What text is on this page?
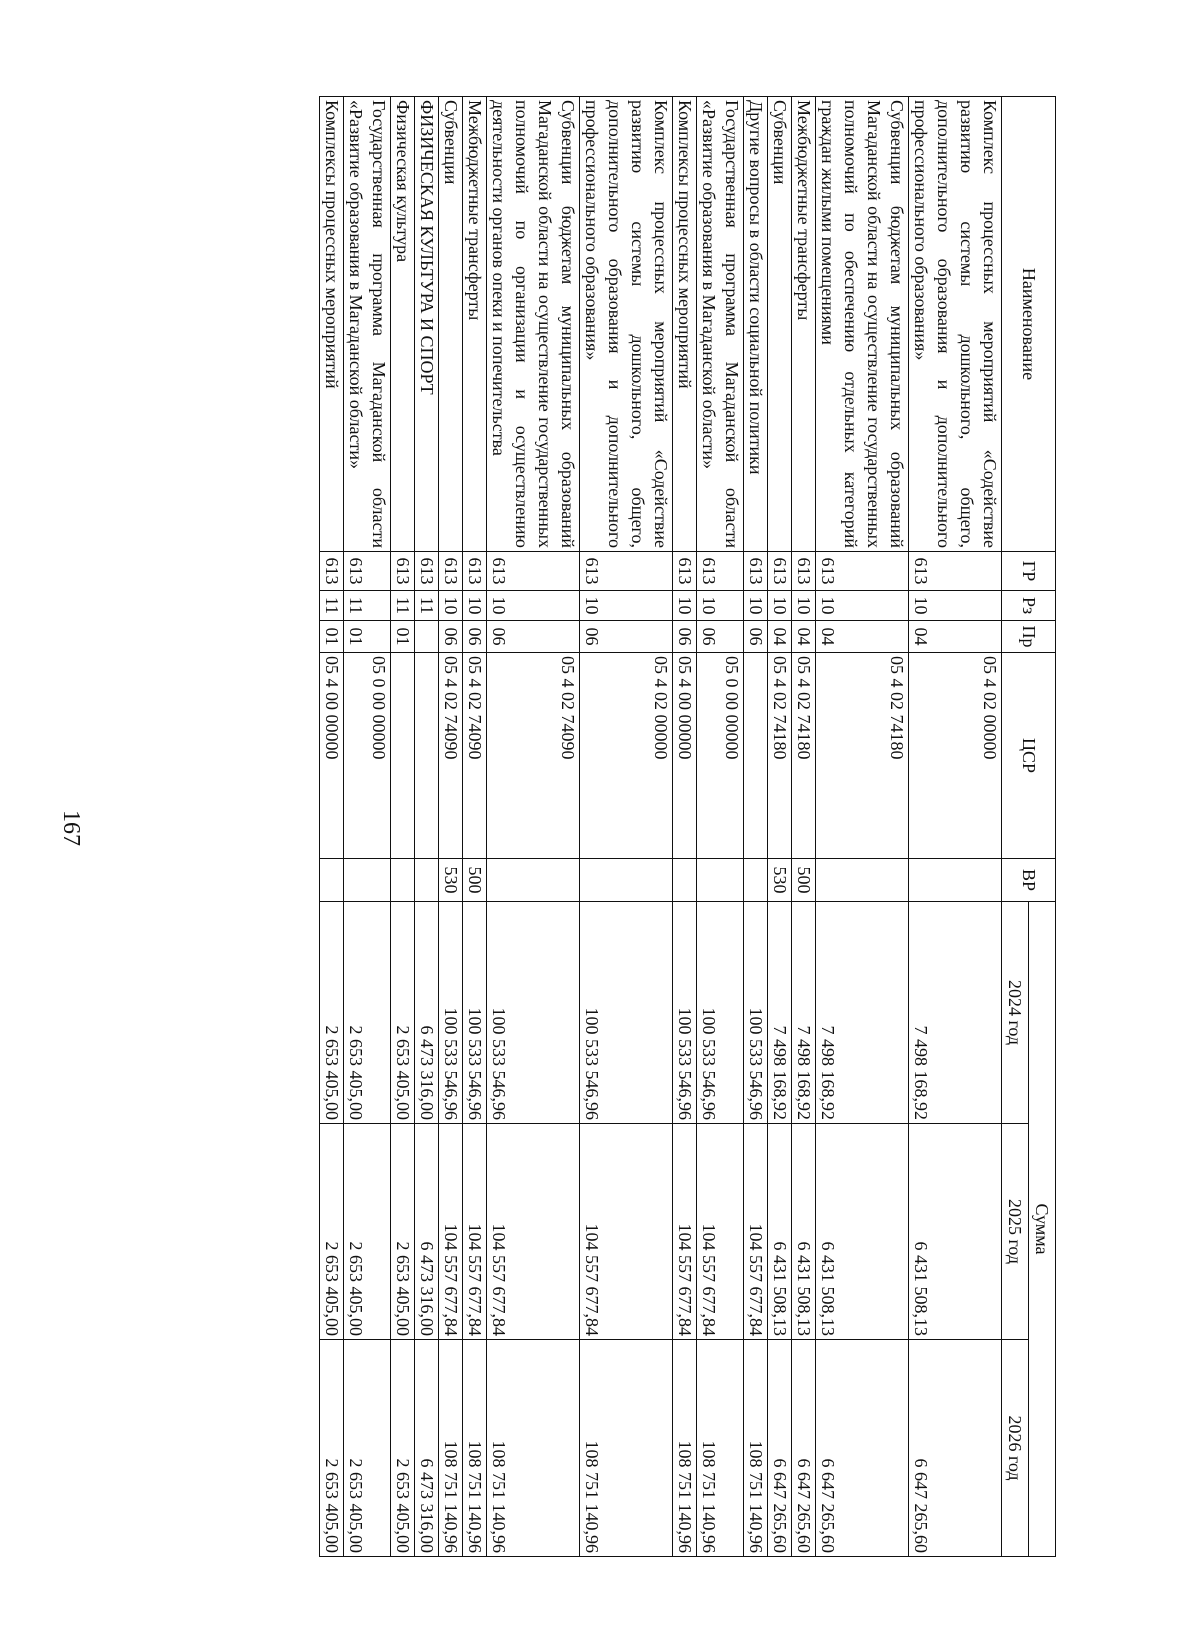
167
Наименование	ГР	Рз	Пр	ЦСР	ВР	Сумма		
						2024 год	2025 год	2026 год
Комплекс процессных мероприятий «Содействие развитию системы дошкольного, общего, дополнительного образования и дополнительного профессионального образования»	613	10	04	05 4 02 00000		7 498 168,92	6 431 508,13	6 647 265,60
Субвенции бюджетам муниципальных образований Магаданской области на осуществление государственных полномочий по обеспечению отдельных категорий граждан жилыми помещениями	613	10	04	05 4 02 74180		7 498 168,92	6 431 508,13	6 647 265,60
Межбюджетные трансферты	613	10	04	05 4 02 74180	500	7 498 168,92	6 431 508,13	6 647 265,60
Субвенции	613	10	04	05 4 02 74180	530	7 498 168,92	6 431 508,13	6 647 265,60
Другие вопросы в области социальной политики	613	10	06			100 533 546,96	104 557 677,84	108 751 140,96
Государственная программа Магаданской области «Развитие образования в Магаданской области»	613	10	06	05 0 00 00000		100 533 546,96	104 557 677,84	108 751 140,96
Комплексы процессных мероприятий	613	10	06	05 4 00 00000		100 533 546,96	104 557 677,84	108 751 140,96
Комплекс процессных мероприятий «Содействие развитию системы дошкольного, общего, дополнительного образования и дополнительного профессионального образования»	613	10	06	05 4 02 00000		100 533 546,96	104 557 677,84	108 751 140,96
Субвенции бюджетам муниципальных образований Магаданской области на осуществление государственных полномочий по организации и осуществлению деятельности органов опеки и попечительства	613	10	06	05 4 02 74090		100 533 546,96	104 557 677,84	108 751 140,96
Межбюджетные трансферты	613	10	06	05 4 02 74090	500	100 533 546,96	104 557 677,84	108 751 140,96
Субвенции	613	10	06	05 4 02 74090	530	100 533 546,96	104 557 677,84	108 751 140,96
ФИЗИЧЕСКАЯ КУЛЬТУРА И СПОРТ	613	11				6 473 316,00	6 473 316,00	6 473 316,00
Физическая культура	613	11	01			2 653 405,00	2 653 405,00	2 653 405,00
Государственная программа Магаданской области «Развитие образования в Магаданской области»	613	11	01	05 0 00 00000		2 653 405,00	2 653 405,00	2 653 405,00
Комплексы процессных мероприятий	613	11	01	05 4 00 00000		2 653 405,00	2 653 405,00	2 653 405,00
